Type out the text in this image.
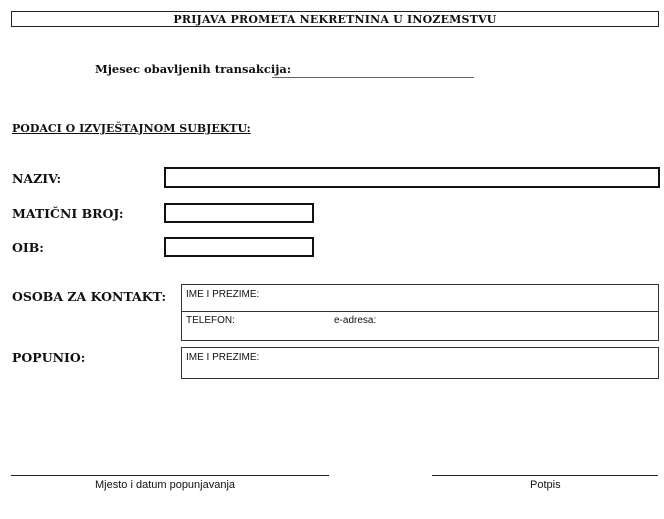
PRIJAVA PROMETA NEKRETNINA U INOZEMSTVU
Mjesec obavljenih transakcija:
PODACI O IZVJEŠTAJNOM SUBJEKTU:
NAZIV:
MATIČNI BROJ:
OIB:
OSOBA ZA KONTAKT: IME I PREZIME:
TELEFON:	e-adresa:
POPUNIO:	IME I PREZIME:
Mjesto i datum popunjavanja	Potpis
